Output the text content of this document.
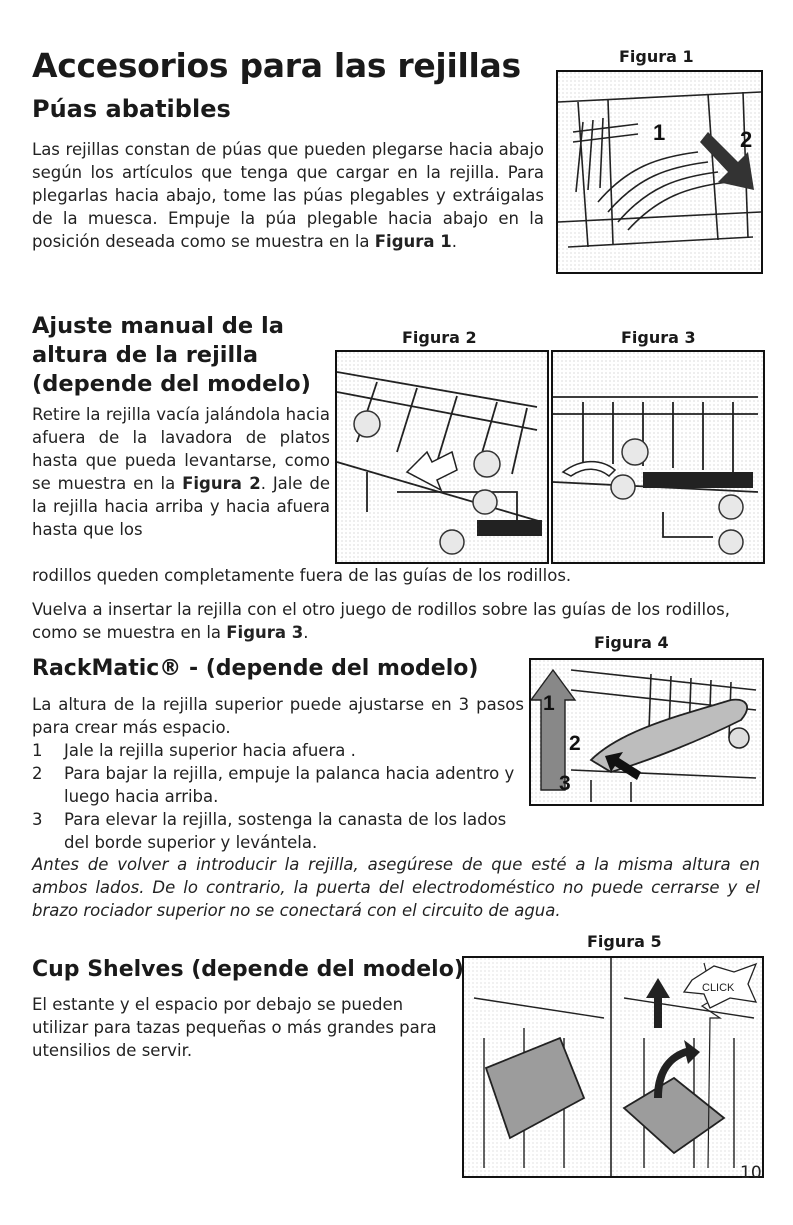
Accesorios para las rejillas
Púas abatibles
Las rejillas constan de púas que pueden plegarse hacia abajo según los artículos que tenga que cargar en la rejilla. Para plegarlas hacia abajo, tome las púas plegables y extráigalas de la muesca. Empuje la púa plegable hacia abajo en la posición deseada como se muestra en la Figura 1.
Figura 1
1	2
Ajuste manual de la
altura de la rejilla
(depende del modelo)
Figura 2	Figura 3
Retire la rejilla vacía jalándola hacia afuera de la lavadora de platos hasta que pueda levantarse, como se muestra en la Figura 2. Jale de la rejilla hacia arriba y hacia afuera hasta que los
rodillos queden completamente fuera de las guías de los rodillos.
Vuelva a insertar la rejilla con el otro juego de rodillos sobre las guías de los rodillos, como se muestra en la Figura 3.
RackMatic® - (depende del modelo)
Figura 4
1
2
3
La altura de la rejilla superior puede ajustarse en 3 pasos para crear más espacio.
1 Jale la rejilla superior hacia afuera .
2 Para bajar la rejilla, empuje la palanca hacia adentro y luego hacia arriba.
3 Para elevar la rejilla, sostenga la canasta de los lados del borde superior y levántela.
Antes de volver a introducir la rejilla, asegúrese de que esté a la misma altura en ambos lados. De lo contrario, la puerta del electrodoméstico no puede cerrarse y el brazo rociador superior no se conectará con el circuito de agua.
Figura 5
CLICK
Cup Shelves (depende del modelo)
El estante y el espacio por debajo se pueden utilizar para tazas pequeñas o más grandes para utensilios de servir.
10
